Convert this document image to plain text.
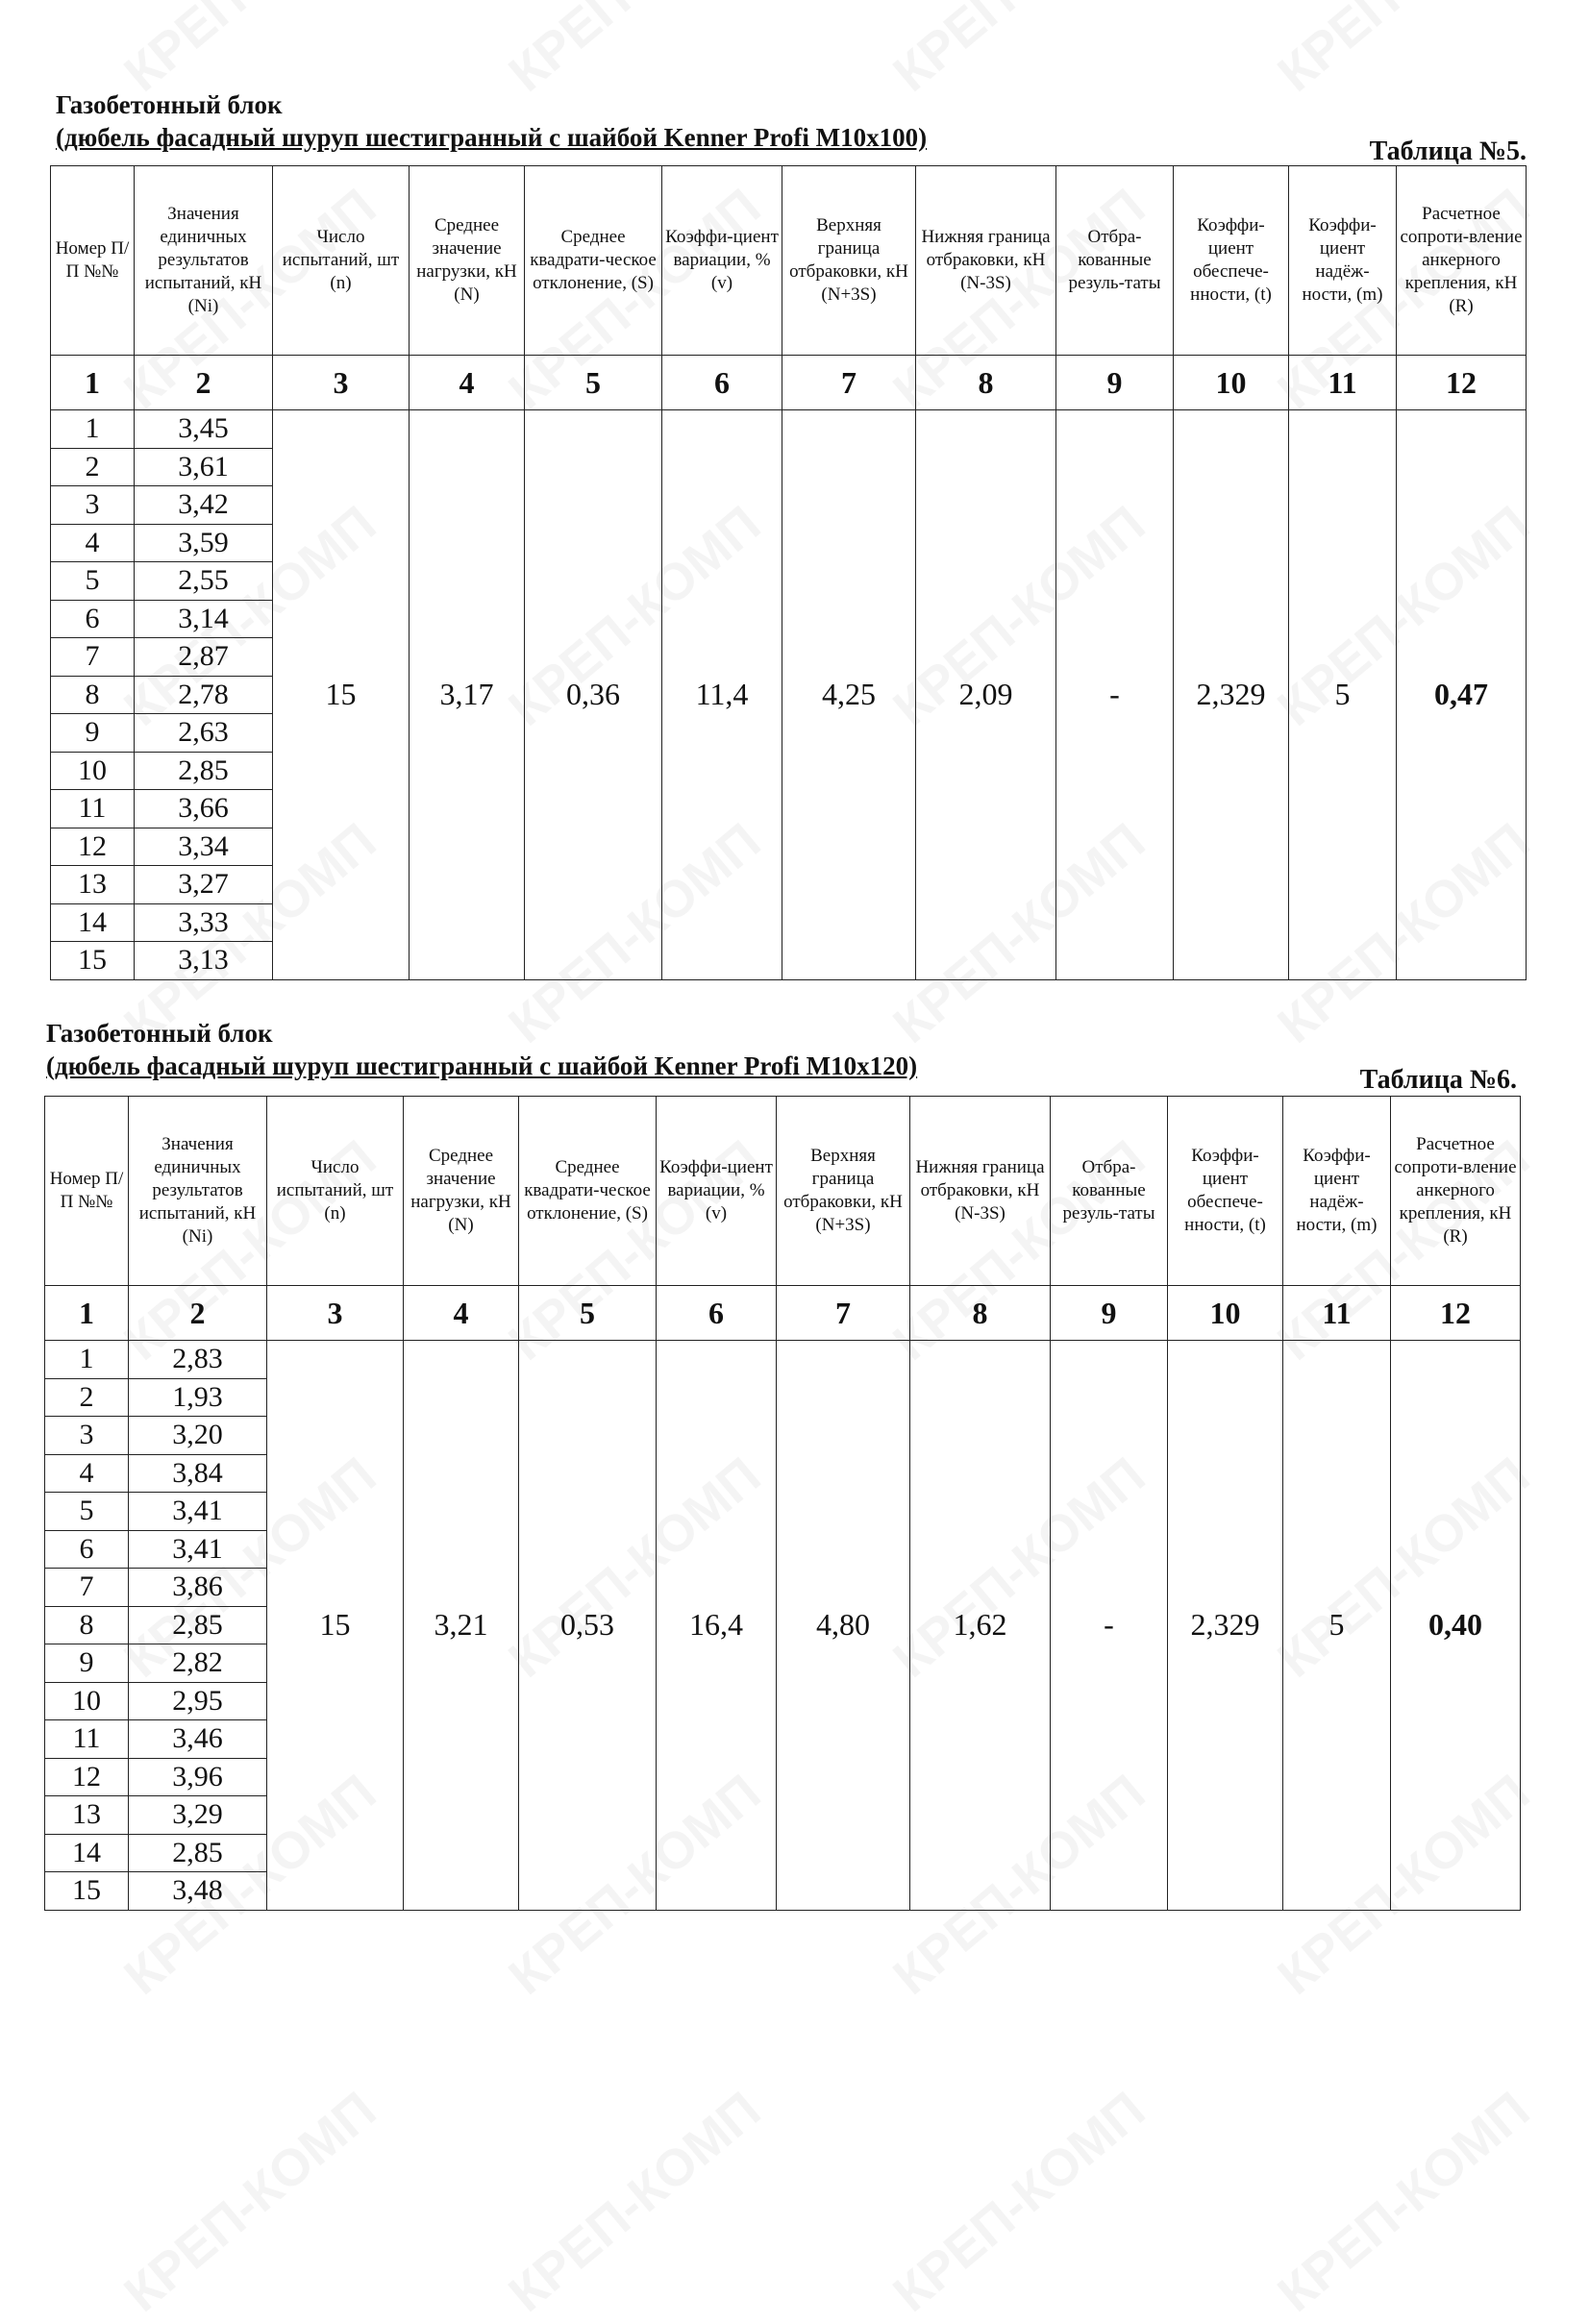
Газобетонный блок
(дюбель фасадный шуруп шестигранный с шайбой Kenner Profi M10x100)	Таблица №5.
Номер П/П №№	Значения единичных результатов испытаний, кН (Ni)	Число испытаний, шт (n)	Среднее значение нагрузки, кН (N)	Среднее квадрати-ческое отклонение, (S)	Коэффи-циент вариации, % (v)	Верхняя граница отбраковки, кН (N+3S)	Нижняя граница отбраковки, кН (N-3S)	Отбра-кованные резуль-таты	Коэффи-циент обеспече-нности, (t)	Коэффи-циент надёж-ности, (m)	Расчетное сопроти-вление анкерного крепления, кН (R)
1	2	3	4	5	6	7	8	9	10	11	12
1	3,45	15	3,17	0,36	11,4	4,25	2,09	-	2,329	5	0,47
2	3,61										
3	3,42										
4	3,59										
5	2,55										
6	3,14										
7	2,87										
8	2,78										
9	2,63										
10	2,85										
11	3,66										
12	3,34										
13	3,27										
14	3,33										
15	3,13										
Газобетонный блок
(дюбель фасадный шуруп шестигранный с шайбой Kenner Profi M10x120)	Таблица №6.
Номер П/П №№	Значения единичных результатов испытаний, кН (Ni)	Число испытаний, шт (n)	Среднее значение нагрузки, кН (N)	Среднее квадрати-ческое отклонение, (S)	Коэффи-циент вариации, % (v)	Верхняя граница отбраковки, кН (N+3S)	Нижняя граница отбраковки, кН (N-3S)	Отбра-кованные резуль-таты	Коэффи-циент обеспече-нности, (t)	Коэффи-циент надёж-ности, (m)	Расчетное сопроти-вление анкерного крепления, кН (R)
1	2	3	4	5	6	7	8	9	10	11	12
1	2,83	15	3,21	0,53	16,4	4,80	1,62	-	2,329	5	0,40
2	1,93										
3	3,20										
4	3,84										
5	3,41										
6	3,41										
7	3,86										
8	2,85										
9	2,82										
10	2,95										
11	3,46										
12	3,96										
13	3,29										
14	2,85										
15	3,48										
